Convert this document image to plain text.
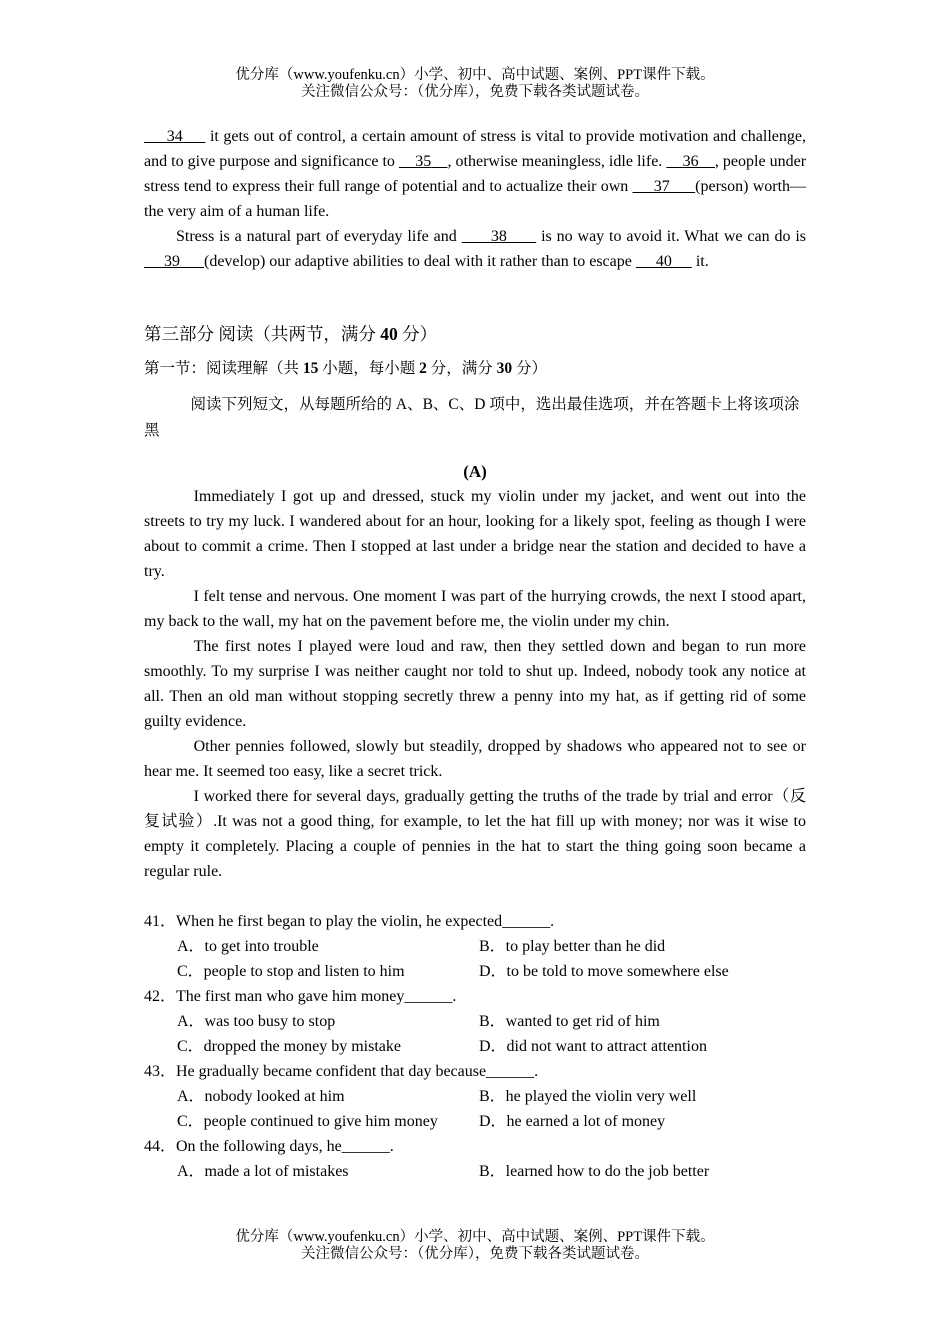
优分库（www.youfenku.cn）小学、初中、高中试题、案例、PPT课件下载。
关注微信公众号：（优分库），免费下载各类试题试卷。

34      it gets out of control, a certain amount of stress is vital to provide motivation and challenge, and to give purpose and significance to     35 , otherwise meaningless, idle life.     36    , people under stress tend to express their full range of potential and to actualize their own      37      (person) worth—the very aim of a human life.

Stress is a natural part of everyday life and       38       is no way to avoid it. What we can do is      39      (develop) our adaptive abilities to deal with it rather than to escape      40      it.

第三部分 阅读（共两节，满分 40 分）
第一节：阅读理解（共 15 小题，每小题 2 分，满分 30 分）
阅读下列短文，从每题所给的 A、B、C、D 项中，选出最佳选项，并在答题卡上将该项涂黑
(A)

Immediately I got up and dressed, stuck my violin under my jacket, and went out into the streets to try my luck. I wandered about for an hour, looking for a likely spot, feeling as though I were about to commit a crime. Then I stopped at last under a bridge near the station and decided to have a try.

I felt tense and nervous. One moment I was part of the hurrying crowds, the next I stood apart, my back to the wall, my hat on the pavement before me, the violin under my chin.

The first notes I played were loud and raw, then they settled down and began to run more smoothly. To my surprise I was neither caught nor told to shut up. Indeed, nobody took any notice at all. Then an old man without stopping secretly threw a penny into my hat, as if getting rid of some guilty evidence.

Other pennies followed, slowly but steadily, dropped by shadows who appeared not to see or hear me. It seemed too easy, like a secret trick.

I worked there for several days, gradually getting the truths of the trade by trial and error（反复试验）.It was not a good thing, for example, to let the hat fill up with money; nor was it wise to empty it completely. Placing a couple of pennies in the hat to start the thing going soon became a regular rule.

41．When he first began to play the violin, he expected______.
A．to get into trouble	B．to play better than he did
C．people to stop and listen to him	D．to be told to move somewhere else
42．The first man who gave him money______.
A．was too busy to stop	B．wanted to get rid of him
C．dropped the money by mistake	D．did not want to attract attention
43．He gradually became confident that day because______.
A．nobody looked at him	B．he played the violin very well
C．people continued to give him money	D．he earned a lot of money
44．On the following days, he______.
A．made a lot of mistakes	B．learned how to do the job better
优分库（www.youfenku.cn）小学、初中、高中试题、案例、PPT课件下载。
关注微信公众号：（优分库），免费下载各类试题试卷。
